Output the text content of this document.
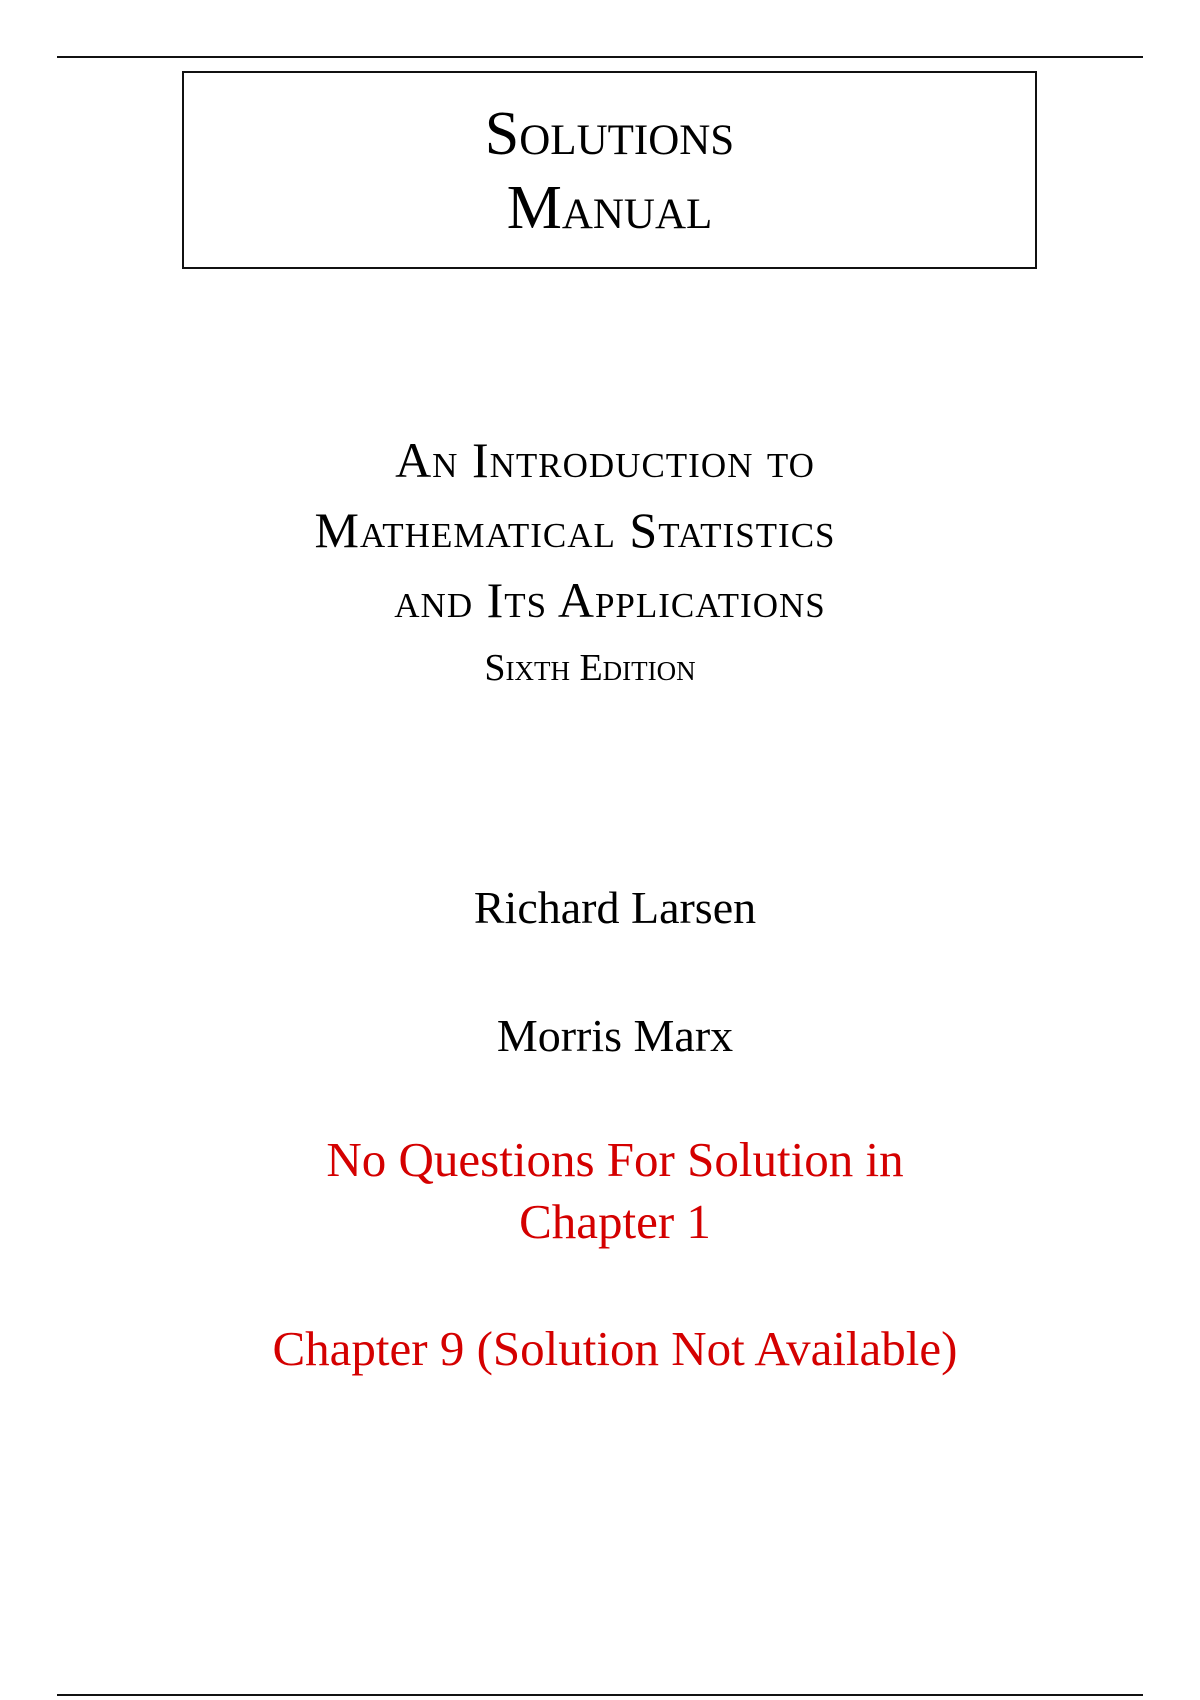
Solutions
Manual
An Introduction to
Mathematical Statistics
and Its Applications
Sixth Edition
Richard Larsen
Morris Marx
No Questions For Solution in Chapter 1
Chapter 9 (Solution Not Available)
